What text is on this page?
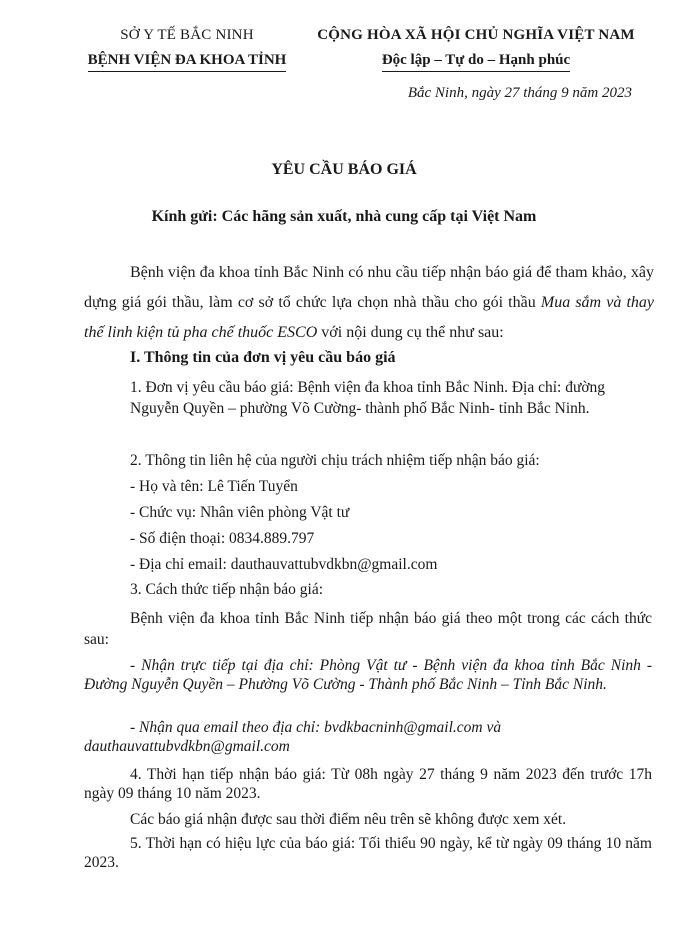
SỞ Y TẾ BẮC NINH
BỆNH VIỆN ĐA KHOA TỈNH
CỘNG HÒA XÃ HỘI CHỦ NGHĨA VIỆT NAM
Độc lập – Tự do – Hạnh phúc
Bắc Ninh, ngày 27 tháng 9 năm 2023
YÊU CẦU BÁO GIÁ
Kính gửi: Các hãng sản xuất, nhà cung cấp tại Việt Nam

Bệnh viện đa khoa tỉnh Bắc Ninh có nhu cầu tiếp nhận báo giá để tham khảo, xây dựng giá gói thầu, làm cơ sở tổ chức lựa chọn nhà thầu cho gói thầu Mua sắm và thay thế linh kiện tủ pha chế thuốc ESCO với nội dung cụ thể như sau:

I. Thông tin của đơn vị yêu cầu báo giá

1. Đơn vị yêu cầu báo giá: Bệnh viện đa khoa tỉnh Bắc Ninh. Địa chỉ: đường Nguyễn Quyền – phường Võ Cường- thành phố Bắc Ninh- tỉnh Bắc Ninh.

2. Thông tin liên hệ của người chịu trách nhiệm tiếp nhận báo giá:

- Họ và tên: Lê Tiến Tuyển

- Chức vụ: Nhân viên phòng Vật tư

- Số điện thoại: 0834.889.797

- Địa chỉ email: dauthauvattubvdkbn@gmail.com

3. Cách thức tiếp nhận báo giá:

Bệnh viện đa khoa tỉnh Bắc Ninh tiếp nhận báo giá theo một trong các cách thức sau:

- Nhận trực tiếp tại địa chỉ: Phòng Vật tư - Bệnh viện đa khoa tỉnh Bắc Ninh - Đường Nguyễn Quyền – Phường Võ Cường - Thành phố Bắc Ninh – Tỉnh Bắc Ninh.

- Nhận qua email theo địa chỉ: bvdkbacninh@gmail.com và dauthauvattubvdkbn@gmail.com

4. Thời hạn tiếp nhận báo giá: Từ 08h ngày 27 tháng 9 năm 2023 đến trước 17h ngày 09 tháng 10 năm 2023.

Các báo giá nhận được sau thời điểm nêu trên sẽ không được xem xét.

5. Thời hạn có hiệu lực của báo giá: Tối thiểu 90 ngày, kể từ ngày 09 tháng 10 năm 2023.
